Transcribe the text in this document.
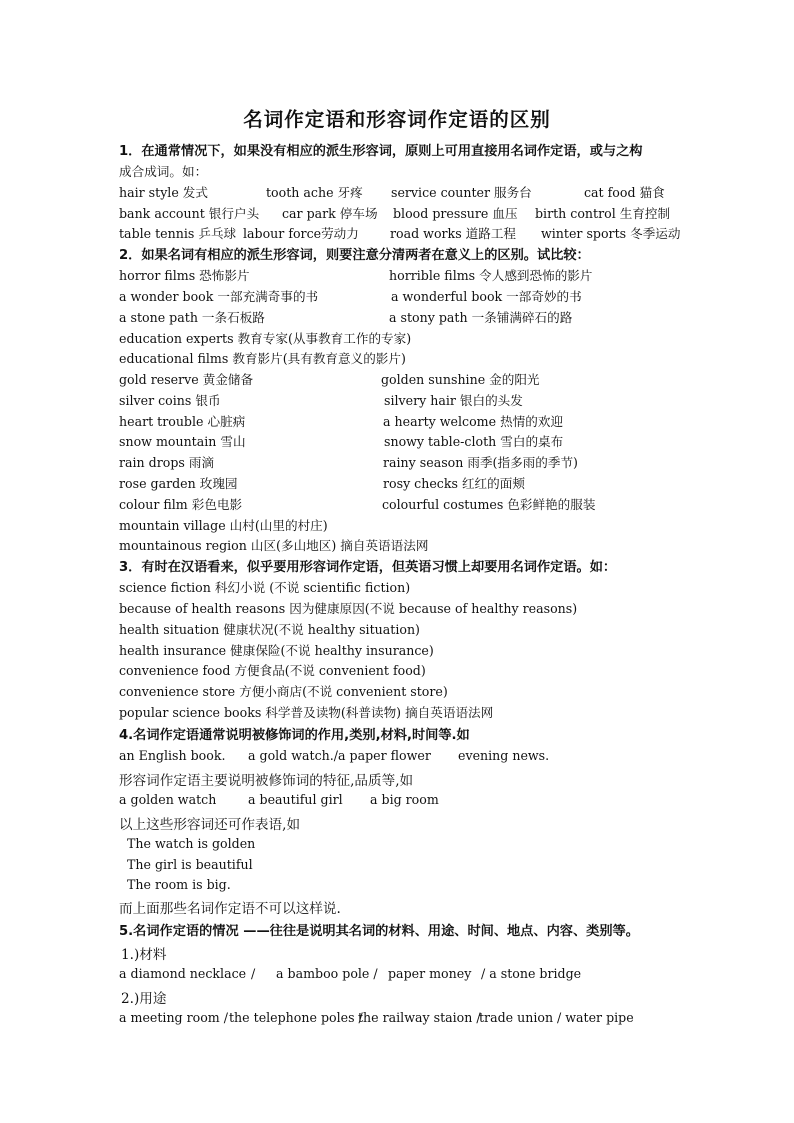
名词作定语和形容词作定语的区别
1．在通常情况下，如果没有相应的派生形容词，原则上可用直接用名词作定语，或与之构
成合成词。如：
hair style 发式	tooth ache 牙疼 service counter 服务台	cat food 猫食
bank account 银行户头 car park 停车场 blood pressure 血压 birth control 生育控制
table tennis 乒乓球 labour force劳动力 road works 道路工程 winter sports 冬季运动
2．如果名词有相应的派生形容词，则要注意分清两者在意义上的区别。试比较：
horror films 恐怖影片	horrible films 令人感到恐怖的影片
a wonder book 一部充满奇事的书	a wonderful book 一部奇妙的书
a stone path 一条石板路	a stony path 一条铺满碎石的路
education experts 教育专家(从事教育工作的专家)
educational films 教育影片(具有教育意义的影片)
gold reserve 黄金储备	golden sunshine 金的阳光
silver coins 银币	silvery hair 银白的头发
heart trouble 心脏病	a hearty welcome 热情的欢迎
snow mountain 雪山	snowy table-cloth 雪白的桌布
rain drops 雨滴	rainy season 雨季(指多雨的季节)
rose garden 玫瑰园	rosy checks 红红的面颊
colour film 彩色电影	colourful costumes 色彩鲜艳的服装
mountain village 山村(山里的村庄)
mountainous region 山区(多山地区) 摘自英语语法网
3．有时在汉语看来，似乎要用形容词作定语，但英语习惯上却要用名词作定语。如：
science fiction 科幻小说 (不说 scientific fiction)
because of health reasons 因为健康原因(不说 because of healthy reasons)
health situation 健康状况(不说 healthy situation)
health insurance 健康保险(不说 healthy insurance)
convenience food 方便食品(不说 convenient food)
convenience store 方便小商店(不说 convenient store)
popular science books 科学普及读物(科普读物) 摘自英语语法网
4.名词作定语通常说明被修饰词的作用,类别,材料,时间等.如
an English book. a gold watch./a paper flower evening news.
形容词作定语主要说明被修饰词的特征,品质等,如
a golden watch	a beautiful girl a big room
以上这些形容词还可作表语,如
The watch is golden
The girl is beautiful
The room is big.
而上面那些名词作定语不可以这样说.
5.名词作定语的情况 ——往往是说明其名词的材料、用途、时间、地点、内容、类别等。
1.)材料
a diamond necklace / a bamboo pole / paper money / a stone bridge
2.)用途
a meeting room / the telephone poles /
the railway staion /
trade union / water pipe
